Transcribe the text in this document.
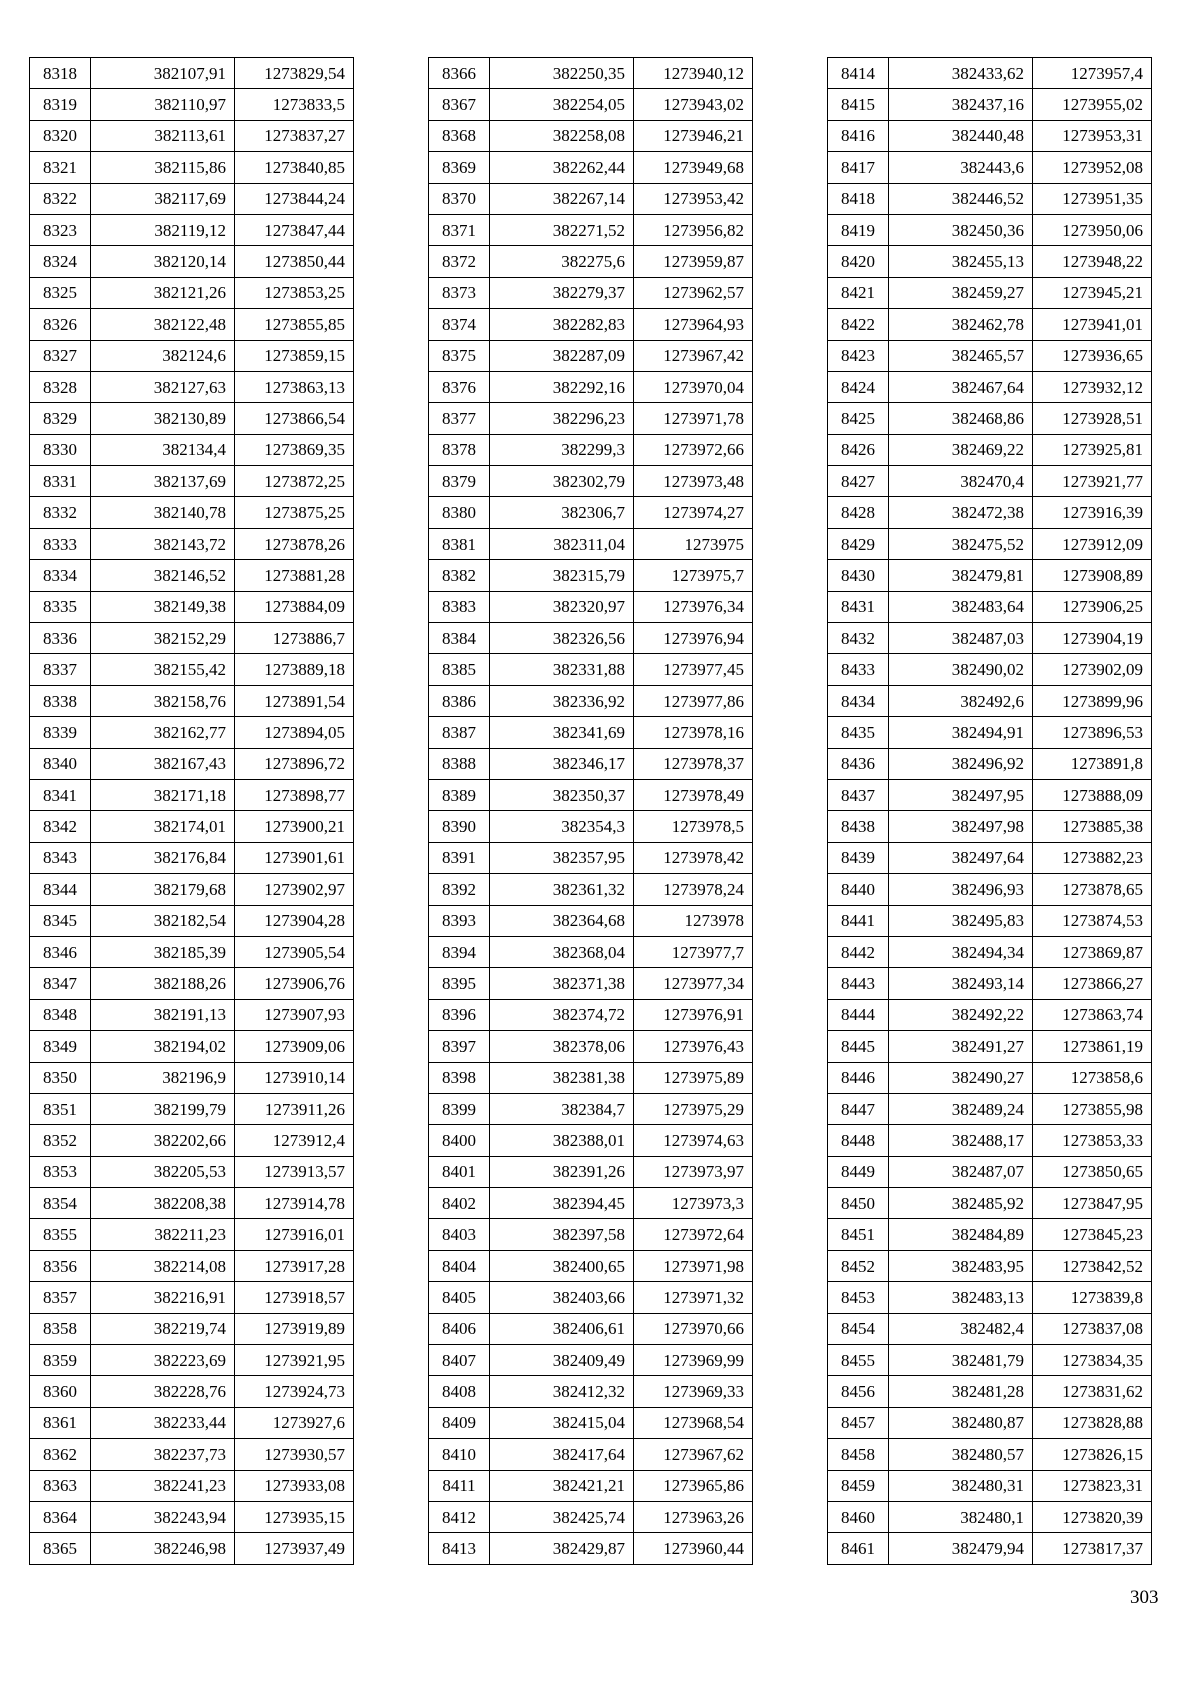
8318	382107,91	1273829,54
8319	382110,97	1273833,5
8320	382113,61	1273837,27
8321	382115,86	1273840,85
8322	382117,69	1273844,24
8323	382119,12	1273847,44
8324	382120,14	1273850,44
8325	382121,26	1273853,25
8326	382122,48	1273855,85
8327	382124,6	1273859,15
8328	382127,63	1273863,13
8329	382130,89	1273866,54
8330	382134,4	1273869,35
8331	382137,69	1273872,25
8332	382140,78	1273875,25
8333	382143,72	1273878,26
8334	382146,52	1273881,28
8335	382149,38	1273884,09
8336	382152,29	1273886,7
8337	382155,42	1273889,18
8338	382158,76	1273891,54
8339	382162,77	1273894,05
8340	382167,43	1273896,72
8341	382171,18	1273898,77
8342	382174,01	1273900,21
8343	382176,84	1273901,61
8344	382179,68	1273902,97
8345	382182,54	1273904,28
8346	382185,39	1273905,54
8347	382188,26	1273906,76
8348	382191,13	1273907,93
8349	382194,02	1273909,06
8350	382196,9	1273910,14
8351	382199,79	1273911,26
8352	382202,66	1273912,4
8353	382205,53	1273913,57
8354	382208,38	1273914,78
8355	382211,23	1273916,01
8356	382214,08	1273917,28
8357	382216,91	1273918,57
8358	382219,74	1273919,89
8359	382223,69	1273921,95
8360	382228,76	1273924,73
8361	382233,44	1273927,6
8362	382237,73	1273930,57
8363	382241,23	1273933,08
8364	382243,94	1273935,15
8365	382246,98	1273937,49
8366	382250,35	1273940,12
8367	382254,05	1273943,02
8368	382258,08	1273946,21
8369	382262,44	1273949,68
8370	382267,14	1273953,42
8371	382271,52	1273956,82
8372	382275,6	1273959,87
8373	382279,37	1273962,57
8374	382282,83	1273964,93
8375	382287,09	1273967,42
8376	382292,16	1273970,04
8377	382296,23	1273971,78
8378	382299,3	1273972,66
8379	382302,79	1273973,48
8380	382306,7	1273974,27
8381	382311,04	1273975
8382	382315,79	1273975,7
8383	382320,97	1273976,34
8384	382326,56	1273976,94
8385	382331,88	1273977,45
8386	382336,92	1273977,86
8387	382341,69	1273978,16
8388	382346,17	1273978,37
8389	382350,37	1273978,49
8390	382354,3	1273978,5
8391	382357,95	1273978,42
8392	382361,32	1273978,24
8393	382364,68	1273978
8394	382368,04	1273977,7
8395	382371,38	1273977,34
8396	382374,72	1273976,91
8397	382378,06	1273976,43
8398	382381,38	1273975,89
8399	382384,7	1273975,29
8400	382388,01	1273974,63
8401	382391,26	1273973,97
8402	382394,45	1273973,3
8403	382397,58	1273972,64
8404	382400,65	1273971,98
8405	382403,66	1273971,32
8406	382406,61	1273970,66
8407	382409,49	1273969,99
8408	382412,32	1273969,33
8409	382415,04	1273968,54
8410	382417,64	1273967,62
8411	382421,21	1273965,86
8412	382425,74	1273963,26
8413	382429,87	1273960,44
8414	382433,62	1273957,4
8415	382437,16	1273955,02
8416	382440,48	1273953,31
8417	382443,6	1273952,08
8418	382446,52	1273951,35
8419	382450,36	1273950,06
8420	382455,13	1273948,22
8421	382459,27	1273945,21
8422	382462,78	1273941,01
8423	382465,57	1273936,65
8424	382467,64	1273932,12
8425	382468,86	1273928,51
8426	382469,22	1273925,81
8427	382470,4	1273921,77
8428	382472,38	1273916,39
8429	382475,52	1273912,09
8430	382479,81	1273908,89
8431	382483,64	1273906,25
8432	382487,03	1273904,19
8433	382490,02	1273902,09
8434	382492,6	1273899,96
8435	382494,91	1273896,53
8436	382496,92	1273891,8
8437	382497,95	1273888,09
8438	382497,98	1273885,38
8439	382497,64	1273882,23
8440	382496,93	1273878,65
8441	382495,83	1273874,53
8442	382494,34	1273869,87
8443	382493,14	1273866,27
8444	382492,22	1273863,74
8445	382491,27	1273861,19
8446	382490,27	1273858,6
8447	382489,24	1273855,98
8448	382488,17	1273853,33
8449	382487,07	1273850,65
8450	382485,92	1273847,95
8451	382484,89	1273845,23
8452	382483,95	1273842,52
8453	382483,13	1273839,8
8454	382482,4	1273837,08
8455	382481,79	1273834,35
8456	382481,28	1273831,62
8457	382480,87	1273828,88
8458	382480,57	1273826,15
8459	382480,31	1273823,31
8460	382480,1	1273820,39
8461	382479,94	1273817,37
303
